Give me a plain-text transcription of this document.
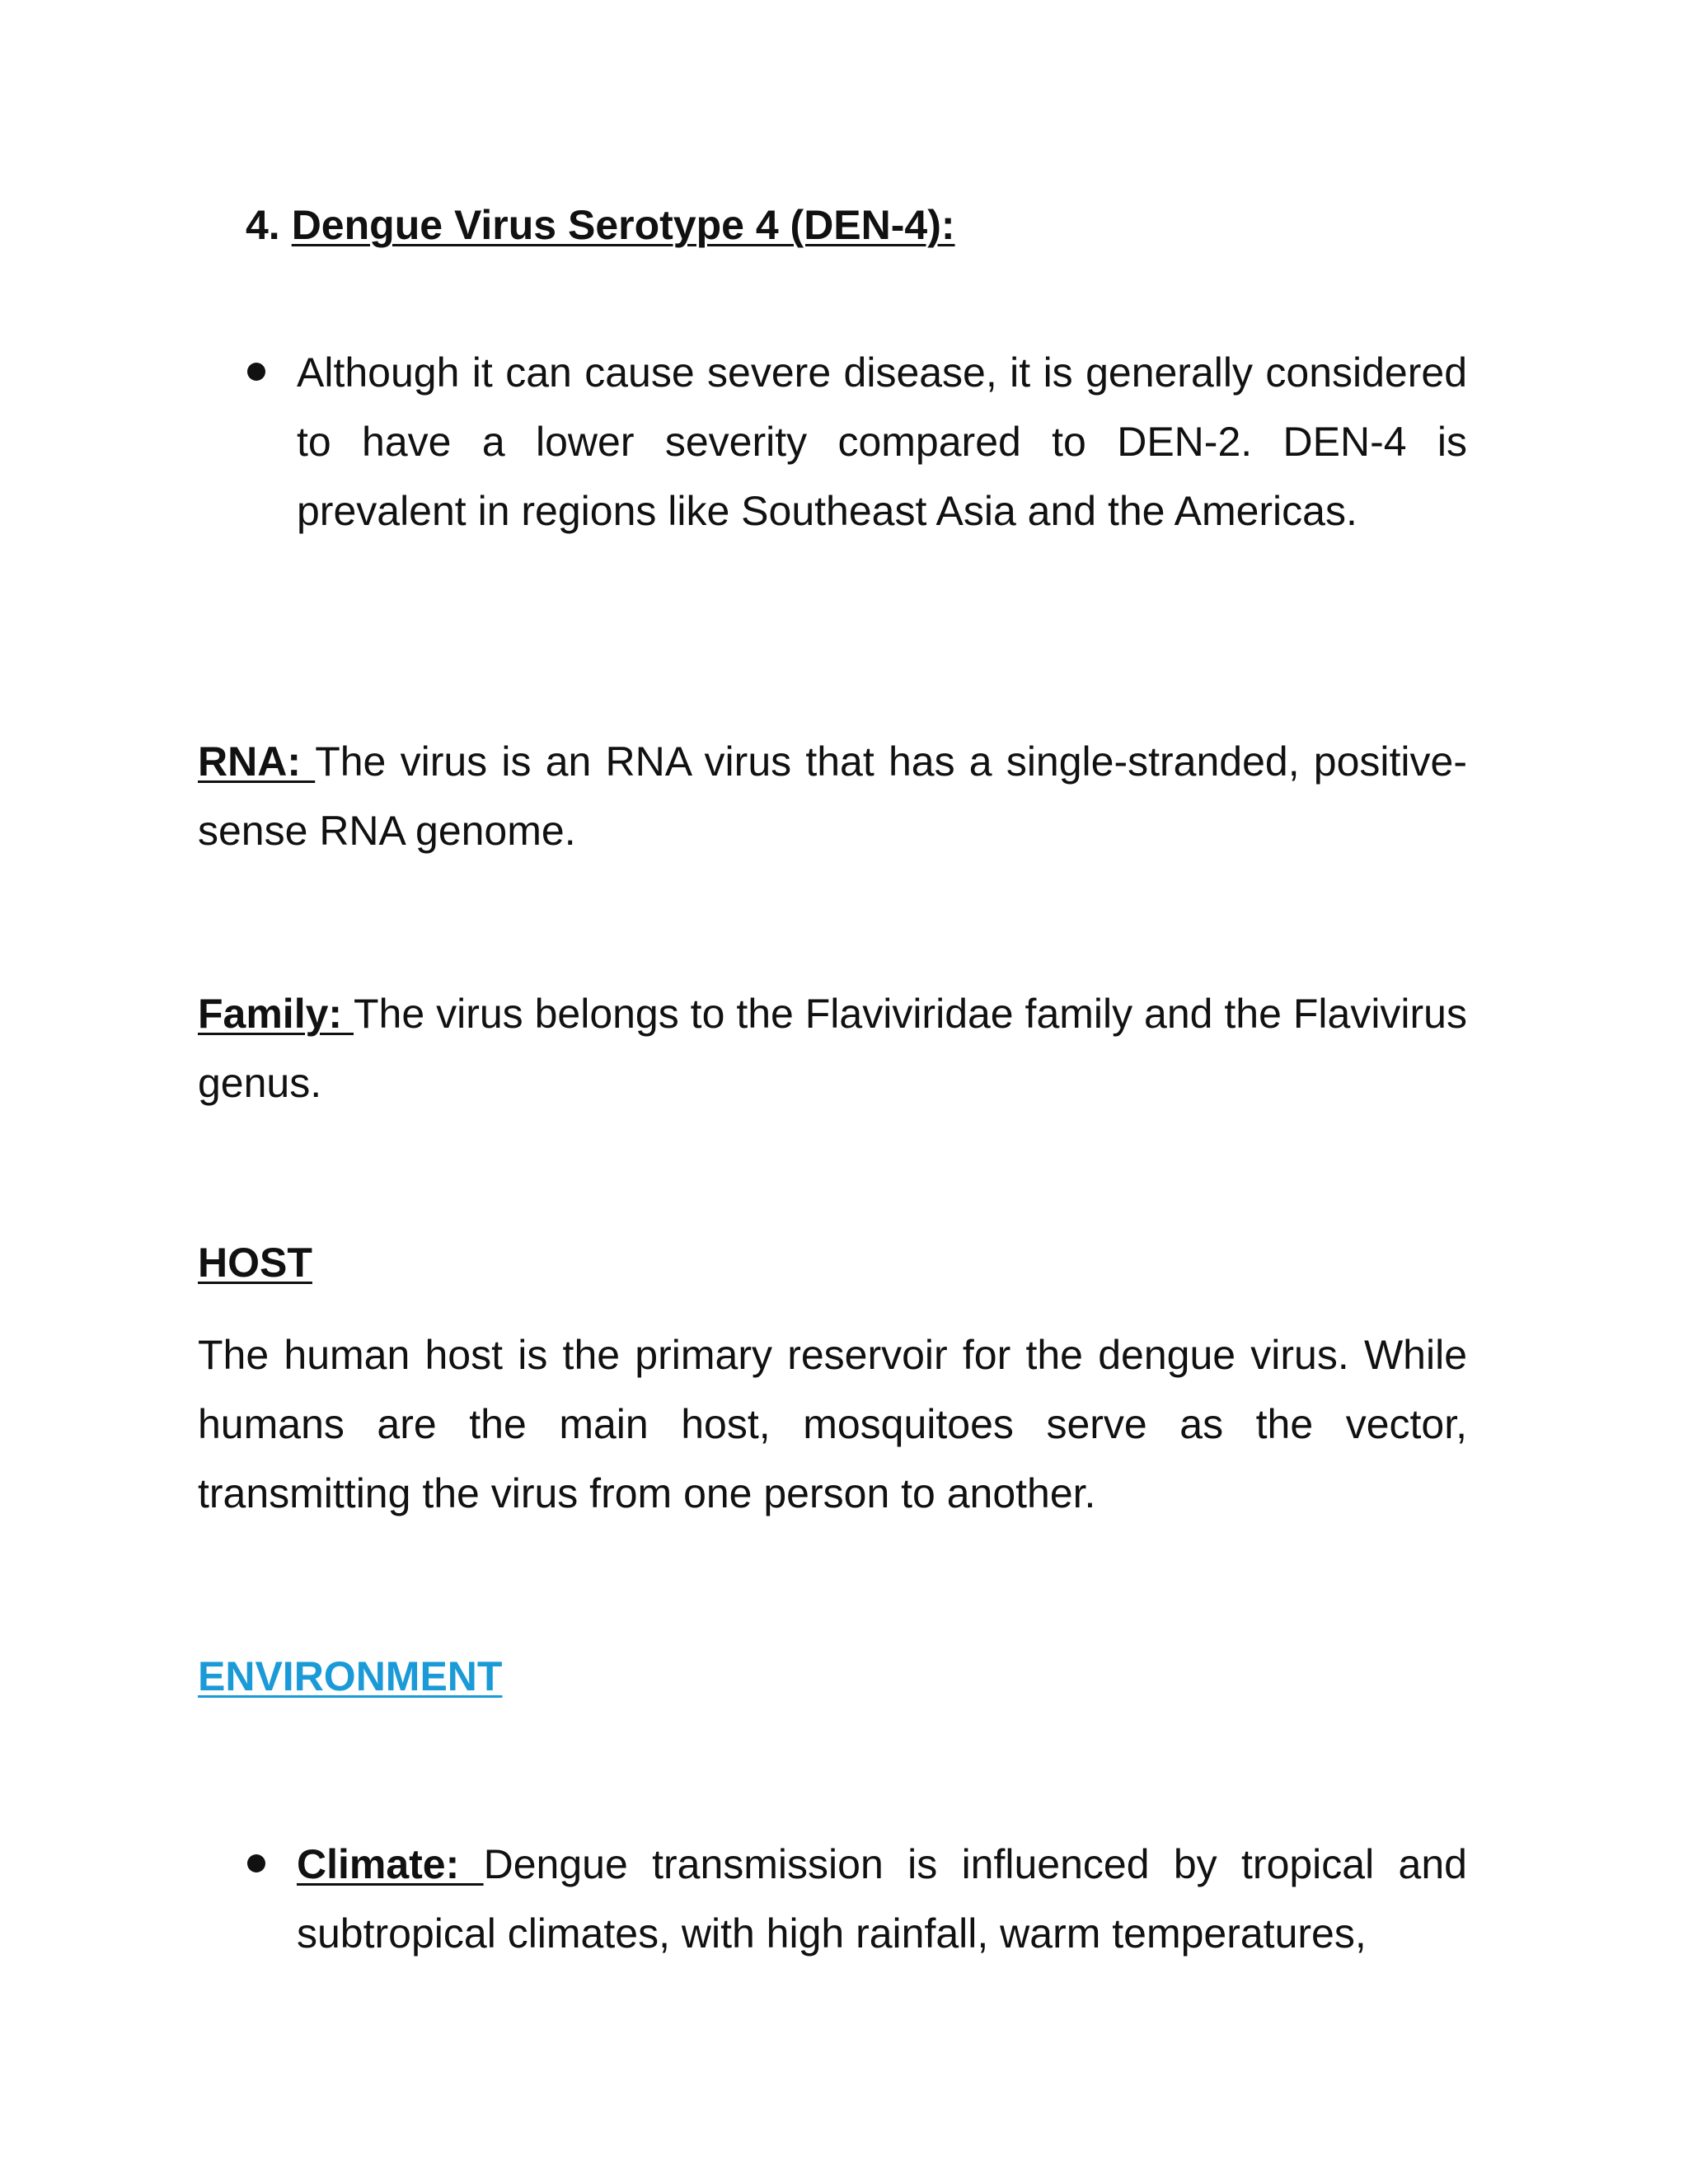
4. Dengue Virus Serotype 4 (DEN-4):
Although it can cause severe disease, it is generally considered to have a lower severity compared to DEN-2. DEN-4 is prevalent in regions like Southeast Asia and the Americas.
RNA: The virus is an RNA virus that has a single-stranded, positive-sense RNA genome.
Family: The virus belongs to the Flaviviridae family and the Flavivirus genus.
HOST
The human host is the primary reservoir for the dengue virus. While humans are the main host, mosquitoes serve as the vector, transmitting the virus from one person to another.
ENVIRONMENT
Climate: Dengue transmission is influenced by tropical and subtropical climates, with high rainfall, warm temperatures,
